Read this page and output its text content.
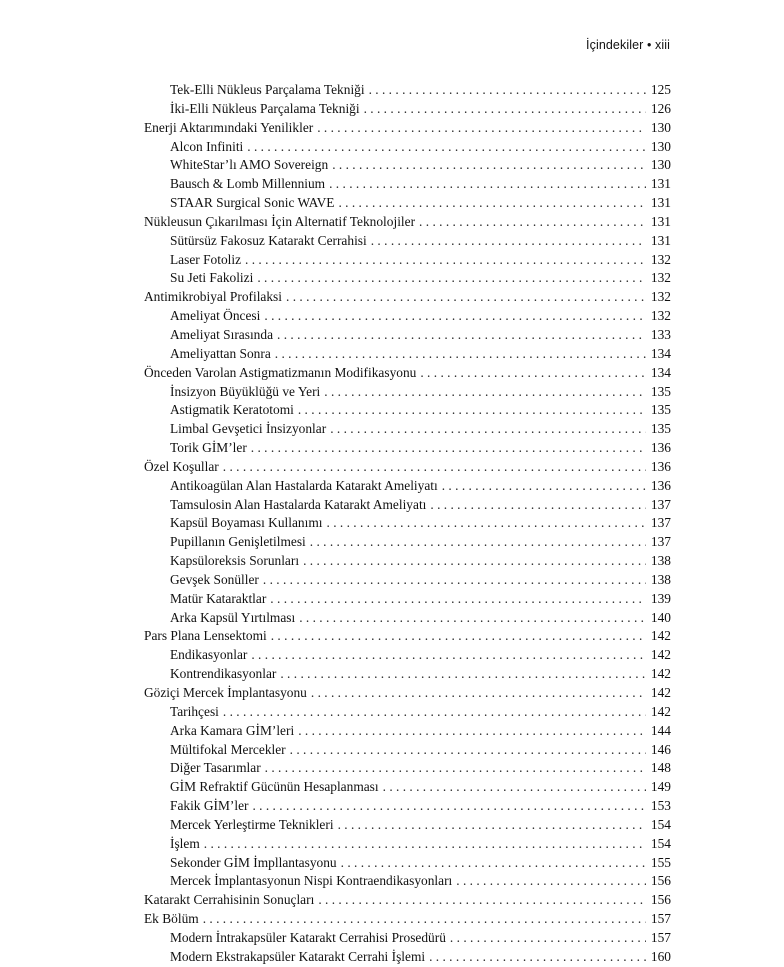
İçindekiler • xiii
Tek-Elli Nükleus Parçalama Tekniği . . .	125
İki-Elli Nükleus Parçalama Tekniği . . .	126
Enerji Aktarımındaki Yenilikler . . .	130
Alcon Infiniti . . .	130
WhiteStar’lı AMO Sovereign . . .	130
Bausch & Lomb Millennium . . .	131
STAAR Surgical Sonic WAVE . . .	131
Nükleusun Çıkarılması İçin Alternatif Teknolojiler . . .	131
Sütürsüz Fakosuz Katarakt Cerrahisi . . .	131
Laser Fotoliz . . .	132
Su Jeti Fakolizi . . .	132
Antimikrobiyal Profilaksi . . .	132
Ameliyat Öncesi . . .	132
Ameliyat Sırasında . . .	133
Ameliyattan Sonra . . .	134
Önceden Varolan Astigmatizmanın Modifikasyonu . . .	134
İnsizyon Büyüklüğü ve Yeri . . .	135
Astigmatik Keratotomi . . .	135
Limbal Gevşetici İnsizyonlar . . .	135
Torik GİM’ler . . .	136
Özel Koşullar . . .	136
Antikoagülan Alan Hastalarda Katarakt Ameliyatı . . .	136
Tamsulosin Alan Hastalarda Katarakt Ameliyatı . . .	137
Kapsül Boyaması Kullanımı . . .	137
Pupillanın Genişletilmesi . . .	137
Kapsüloreksis Sorunları . . .	138
Gevşek Sonüller . . .	138
Matür Kataraktlar . . .	139
Arka Kapsül Yırtılması . . .	140
Pars Plana Lensektomi . . .	142
Endikasyonlar . . .	142
Kontrendikasyonlar . . .	142
Göziçi Mercek İmplantasyonu . . .	142
Tarihçesi . . .	142
Arka Kamara GİM’leri . . .	144
Mültifokal Mercekler . . .	146
Diğer Tasarımlar . . .	148
GİM Refraktif Gücünün Hesaplanması . . .	149
Fakik GİM’ler . . .	153
Mercek Yerleştirme Teknikleri . . .	154
İşlem . . .	154
Sekonder GİM İmpllantasyonu . . .	155
Mercek İmplantasyonun Nispi Kontraendikasyonları . . .	156
Katarakt Cerrahisinin Sonuçları . . .	156
Ek Bölüm . . .	157
Modern İntrakapsüler Katarakt Cerrahisi Prosedürü . . .	157
Modern Ekstrakapsüler Katarakt Cerrahi İşlemi . . .	160
